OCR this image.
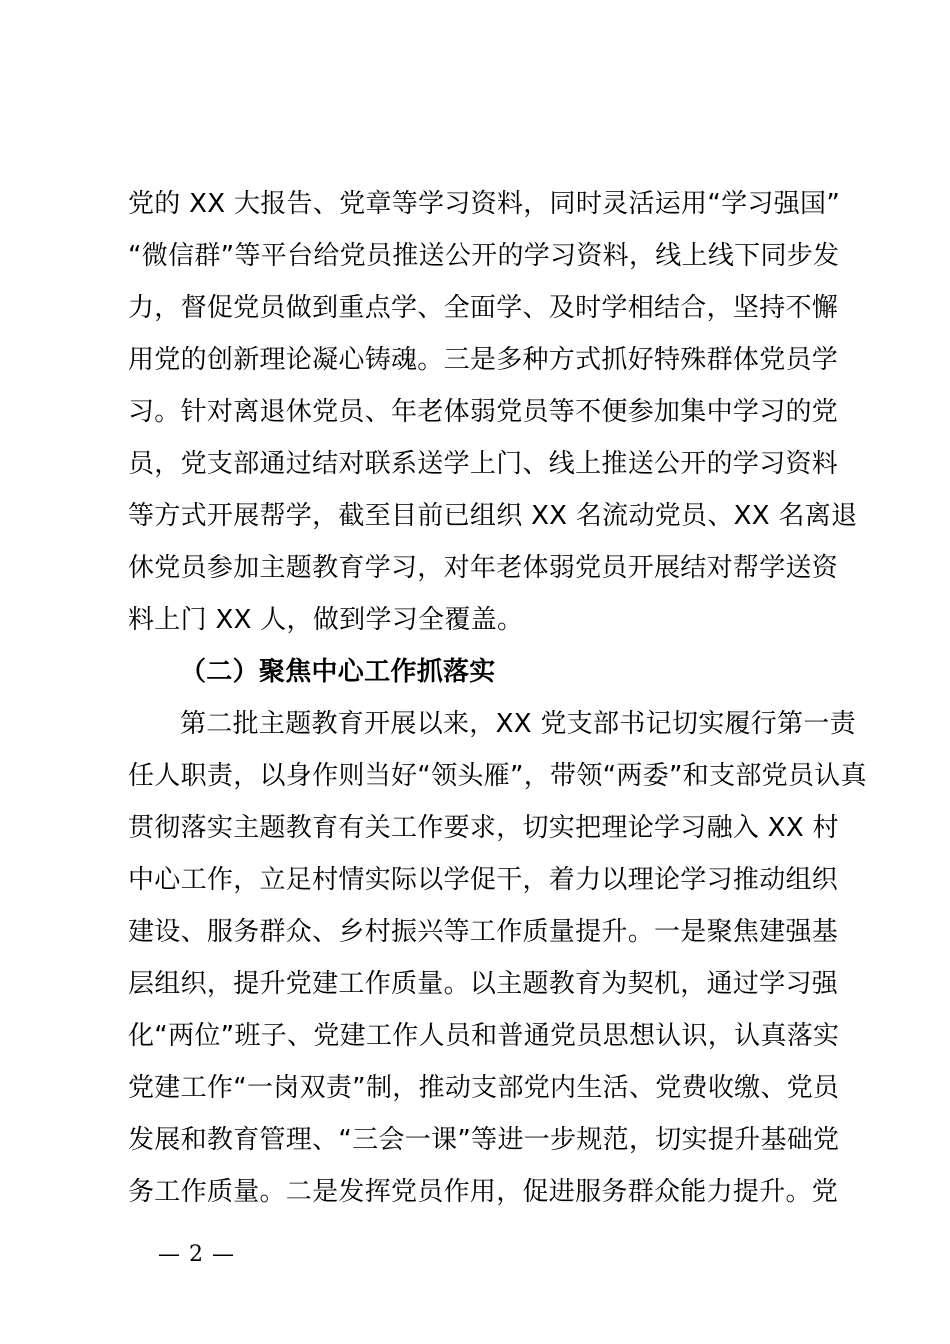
党的 XX 大报告、党章等学习资料，同时灵活运用“学习强国”
“微信群”等平台给党员推送公开的学习资料，线上线下同步发
力，督促党员做到重点学、全面学、及时学相结合，坚持不懈
用党的创新理论凝心铸魂。三是多种方式抓好特殊群体党员学
习。针对离退休党员、年老体弱党员等不便参加集中学习的党
员，党支部通过结对联系送学上门、线上推送公开的学习资料
等方式开展帮学，截至目前已组织 XX 名流动党员、XX 名离退
休党员参加主题教育学习，对年老体弱党员开展结对帮学送资
料上门 XX 人，做到学习全覆盖。
（二）聚焦中心工作抓落实
第二批主题教育开展以来，XX 党支部书记切实履行第一责
任人职责，以身作则当好“领头雁”，带领“两委”和支部党员认真
贯彻落实主题教育有关工作要求，切实把理论学习融入 XX 村
中心工作，立足村情实际以学促干，着力以理论学习推动组织
建设、服务群众、乡村振兴等工作质量提升。一是聚焦建强基
层组织，提升党建工作质量。以主题教育为契机，通过学习强
化“两位”班子、党建工作人员和普通党员思想认识，认真落实
党建工作“一岗双责”制，推动支部党内生活、党费收缴、党员
发展和教育管理、“三会一课”等进一步规范，切实提升基础党
务工作质量。二是发挥党员作用，促进服务群众能力提升。党
— 2 —
